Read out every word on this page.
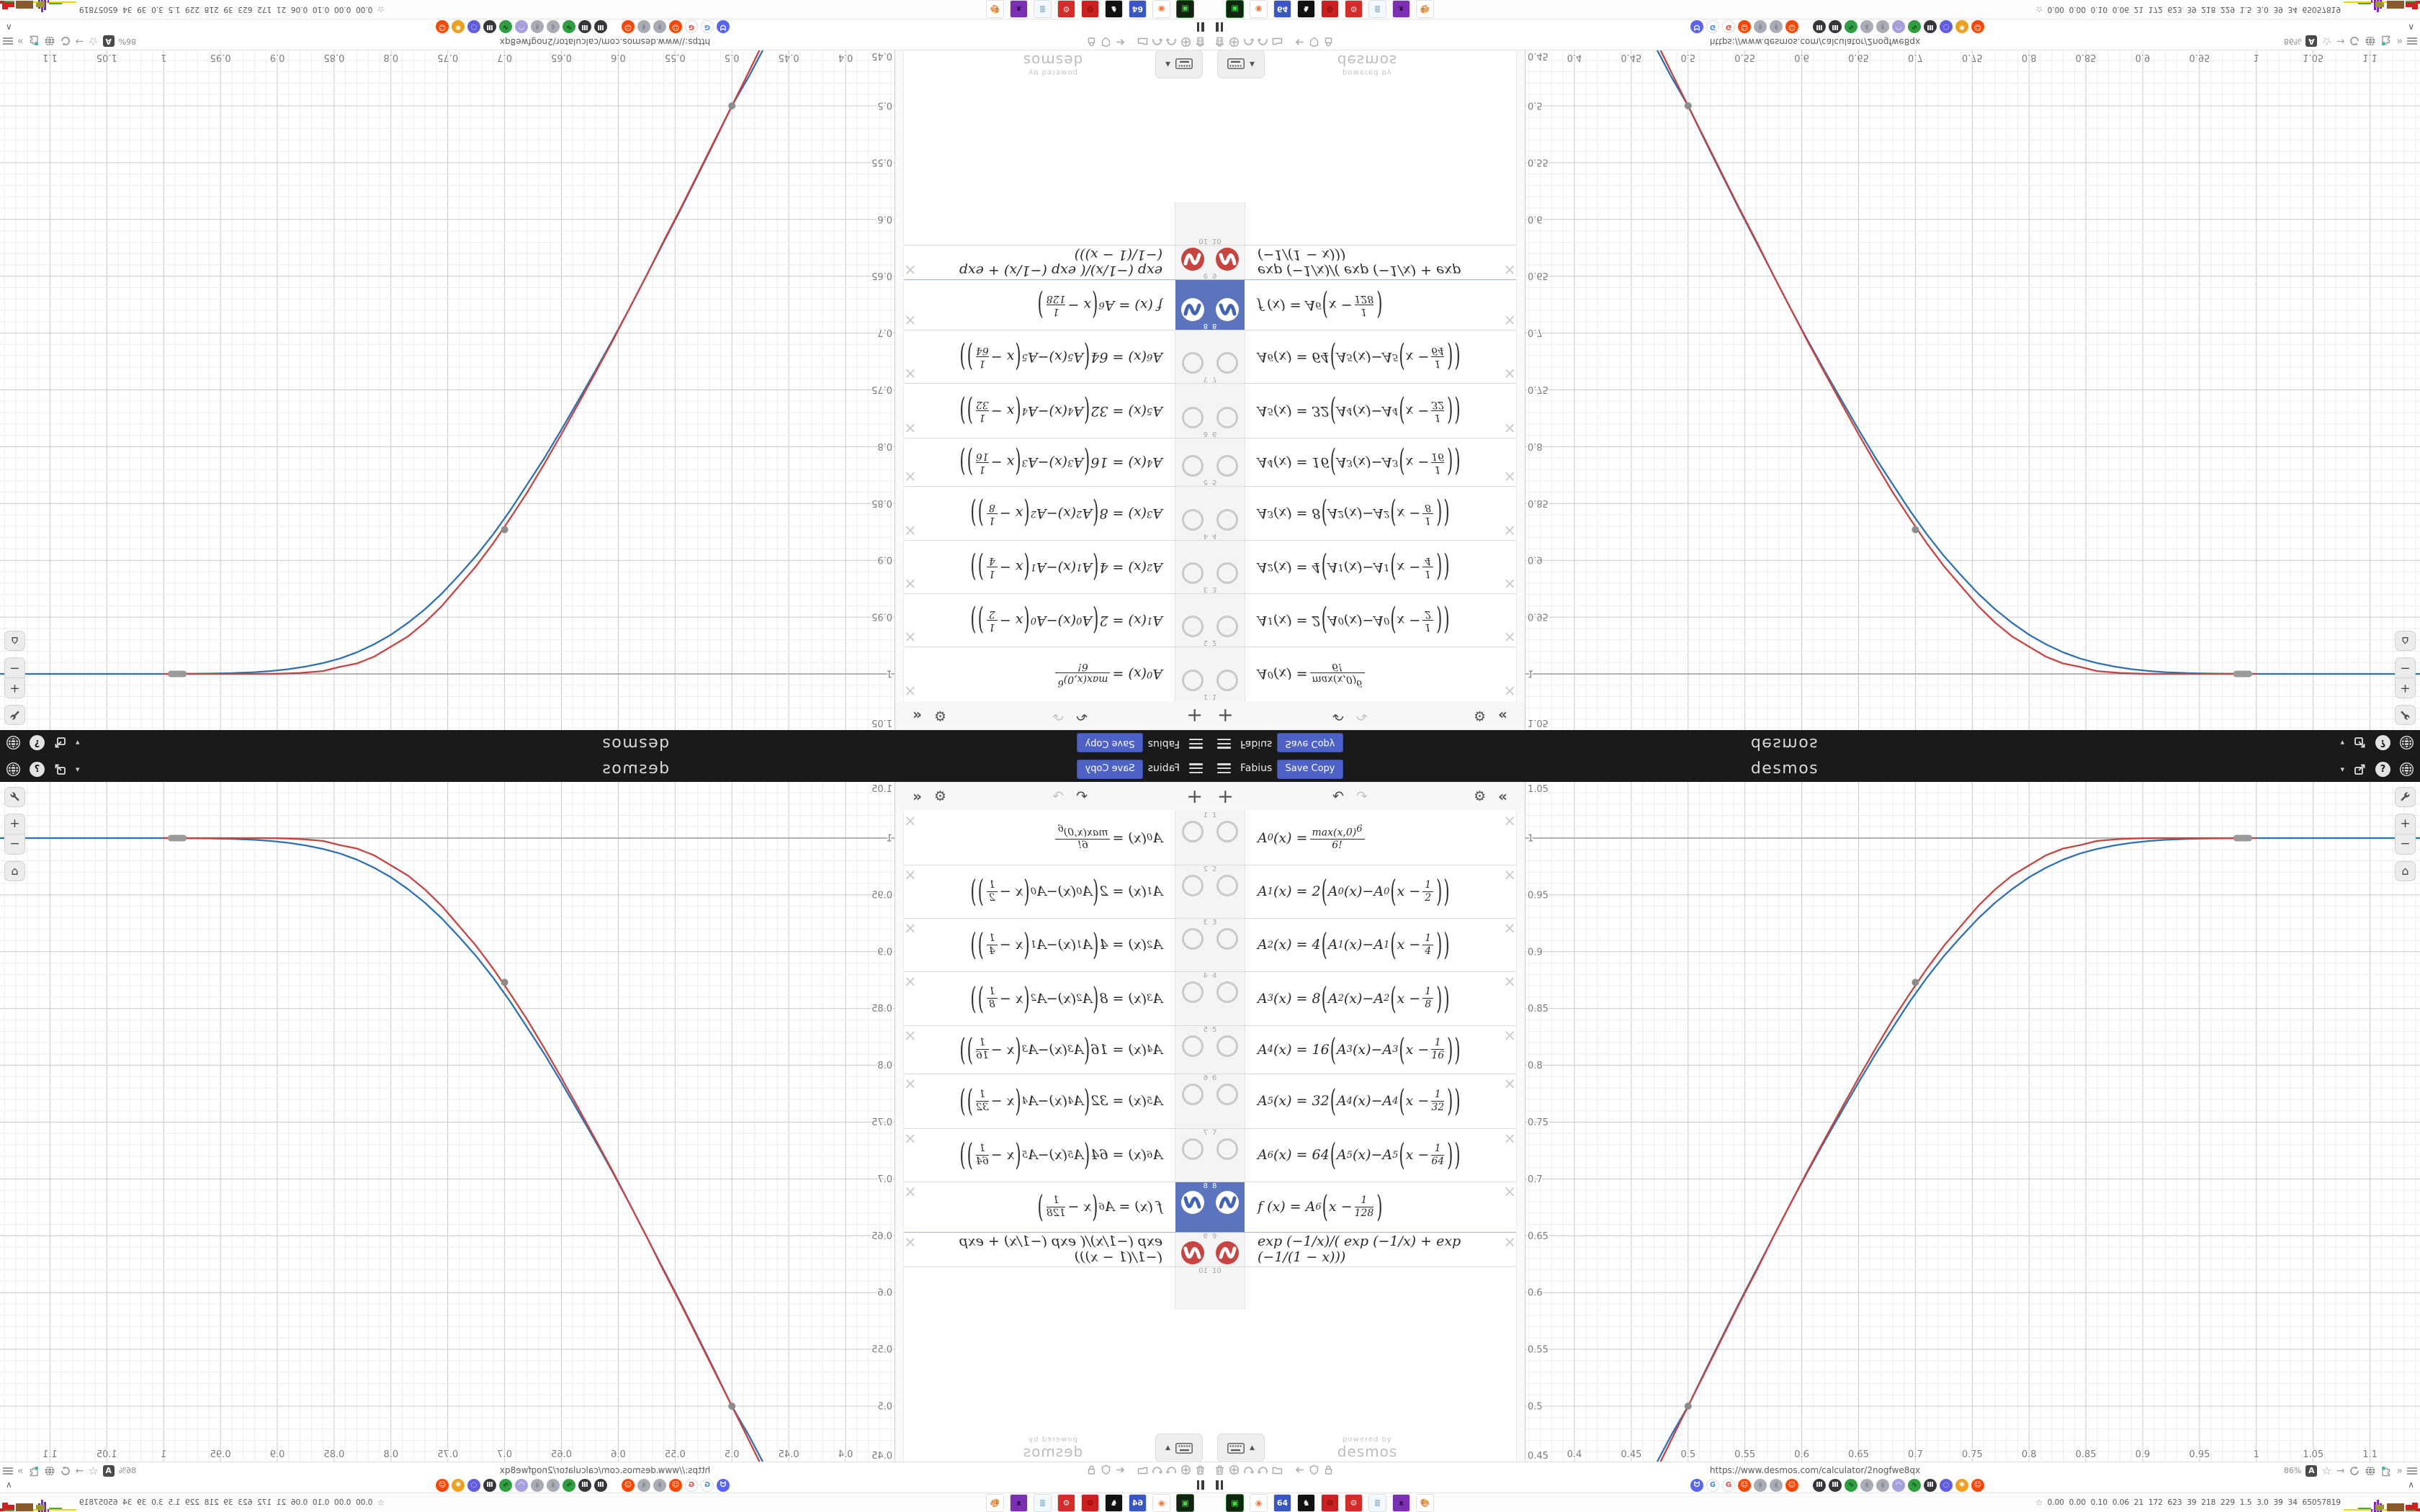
Fabius	Save Copy	desmos	▾	?
+	↶ ↷	⚙ «
10
9	exp (−1/x)/( exp (−1/x) + exp (−1/(1 − x)))
×
8
f (x) = A 6 ( $x - \frac{1}{128}$ )	×
7
A 6 (x) = 64 ( A 5 (x)−A 5 ( $x - \frac{1}{64}$ ) )	×
6
A 5 (x) = 32 ( A 4 (x)−A 4 ( $x - \frac{1}{32}$ ) )	×
5
A 4 (x) = 16 ( A 3 (x)−A 3 ( $x - \frac{1}{16}$ ) )	×
4
A 3 (x) = 8 ( A 2 (x)−A 2 ( $x - \frac{1}{8}$ ) )	×
3
A 2 (x) = 4 ( A 1 (x)−A 1 ( $x - \frac{1}{4}$ ) )	×
2
A 1 (x) = 2 ( A 0 (x)−A 0 ( $x - \frac{1}{2}$ ) )	×
1
A 0 $(x) = \frac{\max(x,0)^6}{6!}$
×
▲
powered by
desmos	0.4	0.45	0.5	0.55	0.6	0.65	0.7	0.75	0.8	0.85	0.9	0.95	1	1.05	1.1
1.05
1
0.95
0.9
0.85
0.8
0.75
0.7
0.65
0.6
0.55
0.5
0.45
+
−
⌂
https://www.desmos.com/calculator/2nogfwe8qx	86% A ☆ →	»
ᗢ	G	G	☺	◖	◖	☺	Ⅲ	Ⅲ	∿	◖	◖	◠	∿	Ⅲ	◌	✱	☺	∧
▣	◉	64	♞	⚙	⚙	≣	ᴥ	🎨	☆ 0.00  0.00  0.10  0.06  21  172  623  39  218  229  1.5  3.0  39  34  65057819
Fabius
Save Copy
desmos
▾
?
+
↶
↷
⚙
«
10
9
exp (−1/x)/( exp (−1/x) + exp (−1/(1 − x)))
×
8
f (x) = A
6
(
x −
1
128
)
×
7
A
6
(x) = 64
(
A
5
(x)−A
5
(
x −
1
64
)
)
×
6
A
5
(x) = 32
(
A
4
(x)−A
4
(
x −
1
32
)
)
×
5
A
4
(x) = 16
(
A
3
(x)−A
3
(
x −
1
16
)
)
×
4
A
3
(x) = 8
(
A
2
(x)−A
2
(
x −
1
8
)
)
×
3
A
2
(x) = 4
(
A
1
(x)−A
1
(
x −
1
4
)
)
×
2
A
1
(x) = 2
(
A
0
(x)−A
0
(
x −
1
2
)
)
×
1
A
0
(x) =
$\max(x,0)^6$
6!
×
▲
powered by
desmos
0.4
0.45
0.5
0.55
0.6
0.65
0.7
0.75
0.8
0.85
0.9
0.95
1
1.05
1.1
1.05
1
0.95
0.9
0.85
0.8
0.75
0.7
0.65
0.6
0.55
0.5
0.45
+
−
⌂
https://www.desmos.com/calculator/2nogfwe8qx
86%
A
☆
→
»
ᗢ
G
G
☺
◖
◖
☺
Ⅲ
Ⅲ
∿
◖
◖
◠
∿
Ⅲ
◌
✱
☺
∧
▣
◉
64
♞
⚙
⚙
≣
ᴥ
🎨
☆
0.00  0.00  0.10  0.06  21  172  623  39  218  229  1.5  3.0  39  34  65057819
Fabius	Save Copy	desmos	▾	?
+	↶ ↷	⚙ «
10
9	exp (−1/x)/( exp (−1/x) + exp (−1/(1 − x)))
×
8
f (x) = A 6 ( x − 1
128 )	×
7
A 6 (x) = 64 ( A 5 (x)−A 5 ( x − 1
64 ) )	×
6
A 5 (x) = 32 ( A 4 (x)−A 4 ( x − 1
32 ) )	×
5
A 4 (x) = 16 ( A 3 (x)−A 3 ( x − 1
16 ) )	×
4
A 3 (x) = 8 ( A 2 (x)−A 2 ( x − 1
8 ) )	×
3
A 2 (x) = 4 ( A 1 (x)−A 1 ( x − 1
4 ) )	×
2
A 1 (x) = 2 ( A 0 (x)−A 0 ( x − 1
2 ) )	×
1
A 0 $(x) = \max(x,0)^6$
6!
×
▲
powered by
desmos	0.4	0.45	0.5	0.55	0.6	0.65	0.7	0.75	0.8	0.85	0.9	0.95	1	1.05	1.1
1.05
1
0.95
0.9
0.85
0.8
0.75
0.7
0.65
0.6
0.55
0.5
0.45
+
−
⌂
https://www.desmos.com/calculator/2nogfwe8qx	86% A ☆ →	»
ᗢ	G	G	☺	◖	◖	☺	Ⅲ	Ⅲ	∿	◖	◖	◠	∿	Ⅲ	◌	✱	☺	∧
▣	◉	64	♞	⚙	⚙	≣	ᴥ	🎨	☆ 0.00  0.00  0.10  0.06  21  172  623  39  218  229  1.5  3.0  39  34  65057819
Fabius
Save Copy
desmos
▾
?
+
↶
↷
⚙
«
10
9
exp (−1/x)/( exp (−1/x) + exp (−1/(1 − x)))
×
8
f (x) = A
6
(
x −
$\frac{1}{128}$
)
×
7
A
6
(x) = 64
(
A
5
(x)−A
5
(
x −
$\frac{1}{64}$
)
)
×
6
A
5
(x) = 32
(
A
4
(x)−A
4
(
x −
$\frac{1}{32}$
)
)
×
5
A
4
(x) = 16
(
A
3
(x)−A
3
(
x −
$\frac{1}{16}$
)
)
×
4
A
3
(x) = 8
(
A
2
(x)−A
2
(
x −
$\frac{1}{8}$
)
)
×
3
A
2
(x) = 4
(
A
1
(x)−A
1
(
x −
$\frac{1}{4}$
)
)
×
2
A
1
(x) = 2
(
A
0
(x)−A
0
(
x −
$\frac{1}{2}$
)
)
×
1
A
0
(x) =
$\frac{\max(x,0)^6}{6!}$
×
▲
powered by
desmos
0.4
0.45
0.5
0.55
0.6
0.65
0.7
0.75
0.8
0.85
0.9
0.95
1
1.05
1.1
1.05
1
0.95
0.9
0.85
0.8
0.75
0.7
0.65
0.6
0.55
0.5
0.45
+
−
⌂
https://www.desmos.com/calculator/2nogfwe8qx
86%
A
☆
→
»
ᗢ
G
G
☺
◖
◖
☺
Ⅲ
Ⅲ
∿
◖
◖
◠
∿
Ⅲ
◌
✱
☺
∧
▣
◉
64
♞
⚙
⚙
≣
ᴥ
🎨
☆
0.00  0.00  0.10  0.06  21  172  623  39  218  229  1.5  3.0  39  34  65057819
